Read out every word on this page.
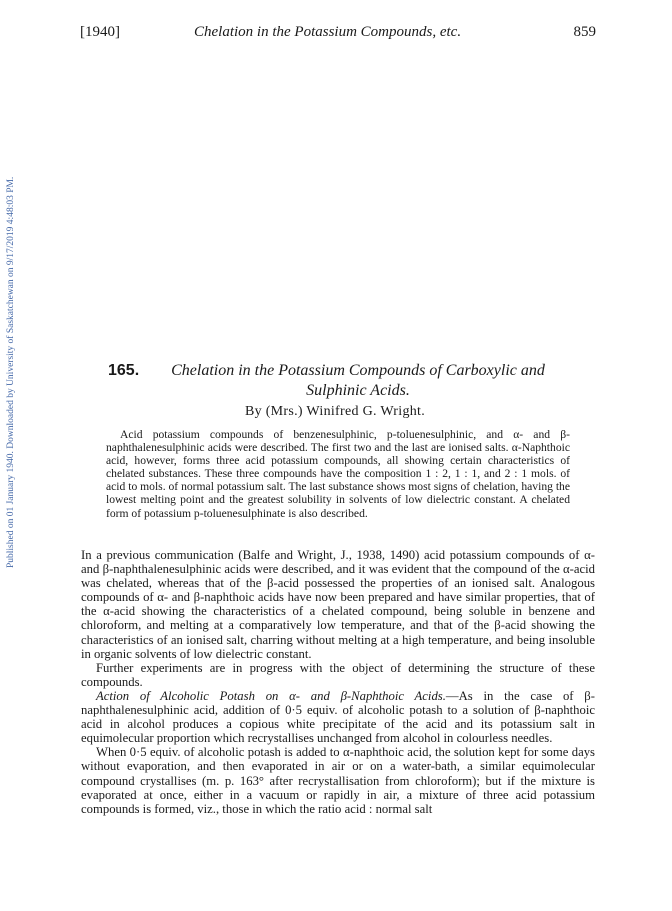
[1940]	Chelation in the Potassium Compounds, etc.	859
Published on 01 January 1940. Downloaded by University of Saskatchewan on 9/17/2019 4:48:03 PM.	165.	Chelation in the Potassium Compounds of Carboxylic and
Sulphinic Acids.
By (Mrs.) Winifred G. Wright.

Acid potassium compounds of benzenesulphinic, p-toluenesulphinic, and α- and β-naphthalenesulphinic acids were described. The first two and the last are ionised salts. α-Naphthoic acid, however, forms three acid potassium compounds, all showing certain characteristics of chelated substances. These three compounds have the composition 1 : 2, 1 : 1, and 2 : 1 mols. of acid to mols. of normal potassium salt. The last substance shows most signs of chelation, having the lowest melting point and the greatest solubility in solvents of low dielectric constant. A chelated form of potassium p-toluenesulphinate is also described.

In a previous communication (Balfe and Wright, J., 1938, 1490) acid potassium compounds of α- and β-naphthalenesulphinic acids were described, and it was evident that the compound of the α-acid was chelated, whereas that of the β-acid possessed the properties of an ionised salt. Analogous compounds of α- and β-naphthoic acids have now been prepared and have similar properties, that of the α-acid showing the characteristics of a chelated compound, being soluble in benzene and chloroform, and melting at a comparatively low temperature, and that of the β-acid showing the characteristics of an ionised salt, charring without melting at a high temperature, and being insoluble in organic solvents of low dielectric constant.

Further experiments are in progress with the object of determining the structure of these compounds.

Action of Alcoholic Potash on α- and β-Naphthoic Acids.—As in the case of β-naphthalenesulphinic acid, addition of 0·5 equiv. of alcoholic potash to a solution of β-naphthoic acid in alcohol produces a copious white precipitate of the acid and its potassium salt in equimolecular proportion which recrystallises unchanged from alcohol in colourless needles.

When 0·5 equiv. of alcoholic potash is added to α-naphthoic acid, the solution kept for some days without evaporation, and then evaporated in air or on a water-bath, a similar equimolecular compound crystallises (m. p. 163° after recrystallisation from chloroform); but if the mixture is evaporated at once, either in a vacuum or rapidly in air, a mixture of three acid potassium compounds is formed, viz., those in which the ratio acid : normal salt
